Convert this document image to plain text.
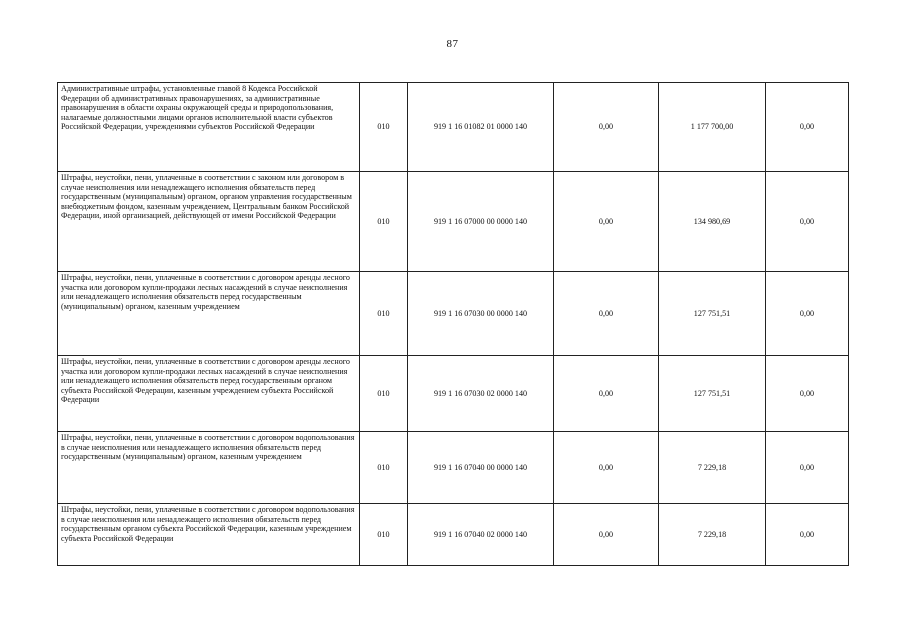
87
Административные штрафы, установленные главой 8 Кодекса Российской Федерации об административных правонарушениях, за административные правонарушения в области охраны окружающей среды и природопользования, налагаемые должностными лицами органов исполнительной власти субъектов Российской Федерации, учреждениями субъектов Российской Федерации	010	919 1 16 01082 01 0000 140	0,00	1 177 700,00	0,00
Штрафы, неустойки, пени, уплаченные в соответствии с законом или договором в случае неисполнения или ненадлежащего исполнения обязательств перед государственным (муниципальным) органом, органом управления государственным внебюджетным фондом, казенным учреждением, Центральным банком Российской Федерации, иной организацией, действующей от имени Российской Федерации	010	919 1 16 07000 00 0000 140	0,00	134 980,69	0,00
Штрафы, неустойки, пени, уплаченные в соответствии с договором аренды лесного участка или договором купли-продажи лесных насаждений в случае неисполнения или ненадлежащего исполнения обязательств перед государственным (муниципальным) органом, казенным учреждением	010	919 1 16 07030 00 0000 140	0,00	127 751,51	0,00
Штрафы, неустойки, пени, уплаченные в соответствии с договором аренды лесного участка или договором купли-продажи лесных насаждений в случае неисполнения или ненадлежащего исполнения обязательств перед государственным органом субъекта Российской Федерации, казенным учреждением субъекта Российской Федерации	010	919 1 16 07030 02 0000 140	0,00	127 751,51	0,00
Штрафы, неустойки, пени, уплаченные в соответствии с договором водопользования в случае неисполнения или ненадлежащего исполнения обязательств перед государственным (муниципальным) органом, казенным учреждением	010	919 1 16 07040 00 0000 140	0,00	7 229,18	0,00
Штрафы, неустойки, пени, уплаченные в соответствии с договором водопользования в случае неисполнения или ненадлежащего исполнения обязательств перед государственным органом субъекта Российской Федерации, казенным учреждением субъекта Российской Федерации	010	919 1 16 07040 02 0000 140	0,00	7 229,18	0,00
